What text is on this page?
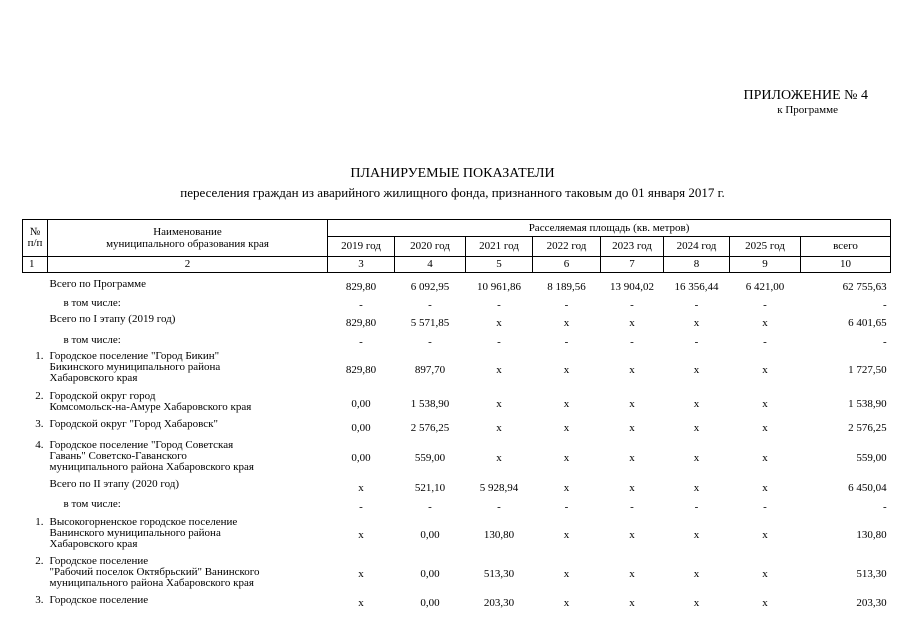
ПРИЛОЖЕНИЕ № 4
к Программе
ПЛАНИРУЕМЫЕ ПОКАЗАТЕЛИ
переселения граждан из аварийного жилищного фонда, признанного таковым до 01 января 2017 г.
№
п/п	Наименование
муниципального образования края	Расселяемая площадь (кв. метров)							
		2019 год	2020 год	2021 год	2022 год	2023 год	2024 год	2025 год	всего
1	2	3	4	5	6	7	8	9	10

	Всего по Программе	829,80	6 092,95	10 961,86	8 189,56	13 904,02	16 356,44	6 421,00	62 755,63
	в том числе:	-	-	-	-	-	-	-	-
	Всего по I этапу (2019 год)	829,80	5 571,85	x	x	x	x	x	6 401,65
	в том числе:	-	-	-	-	-	-	-	-
1.	Городское поселение "Город Бикин"
Бикинского муниципального района
Хабаровского края	829,80	897,70	x	x	x	x	x	1 727,50
2.	Городской округ город
Комсомольск-на-Амуре Хабаровского края	0,00	1 538,90	x	x	x	x	x	1 538,90
3.	Городской округ "Город Хабаровск"	0,00	2 576,25	x	x	x	x	x	2 576,25
4.	Городское поселение "Город Советская
Гавань" Советско-Гаванского
муниципального района Хабаровского края	0,00	559,00	x	x	x	x	x	559,00
	Всего по II этапу (2020 год)	x	521,10	5 928,94	x	x	x	x	6 450,04
	в том числе:	-	-	-	-	-	-	-	-
1.	Высокогорненское городское поселение
Ванинского муниципального района
Хабаровского края	x	0,00	130,80	x	x	x	x	130,80
2.	Городское поселение
"Рабочий поселок Октябрьский" Ванинского
муниципального района Хабаровского края	x	0,00	513,30	x	x	x	x	513,30
3.	Городское поселение	x	0,00	203,30	x	x	x	x	203,30
